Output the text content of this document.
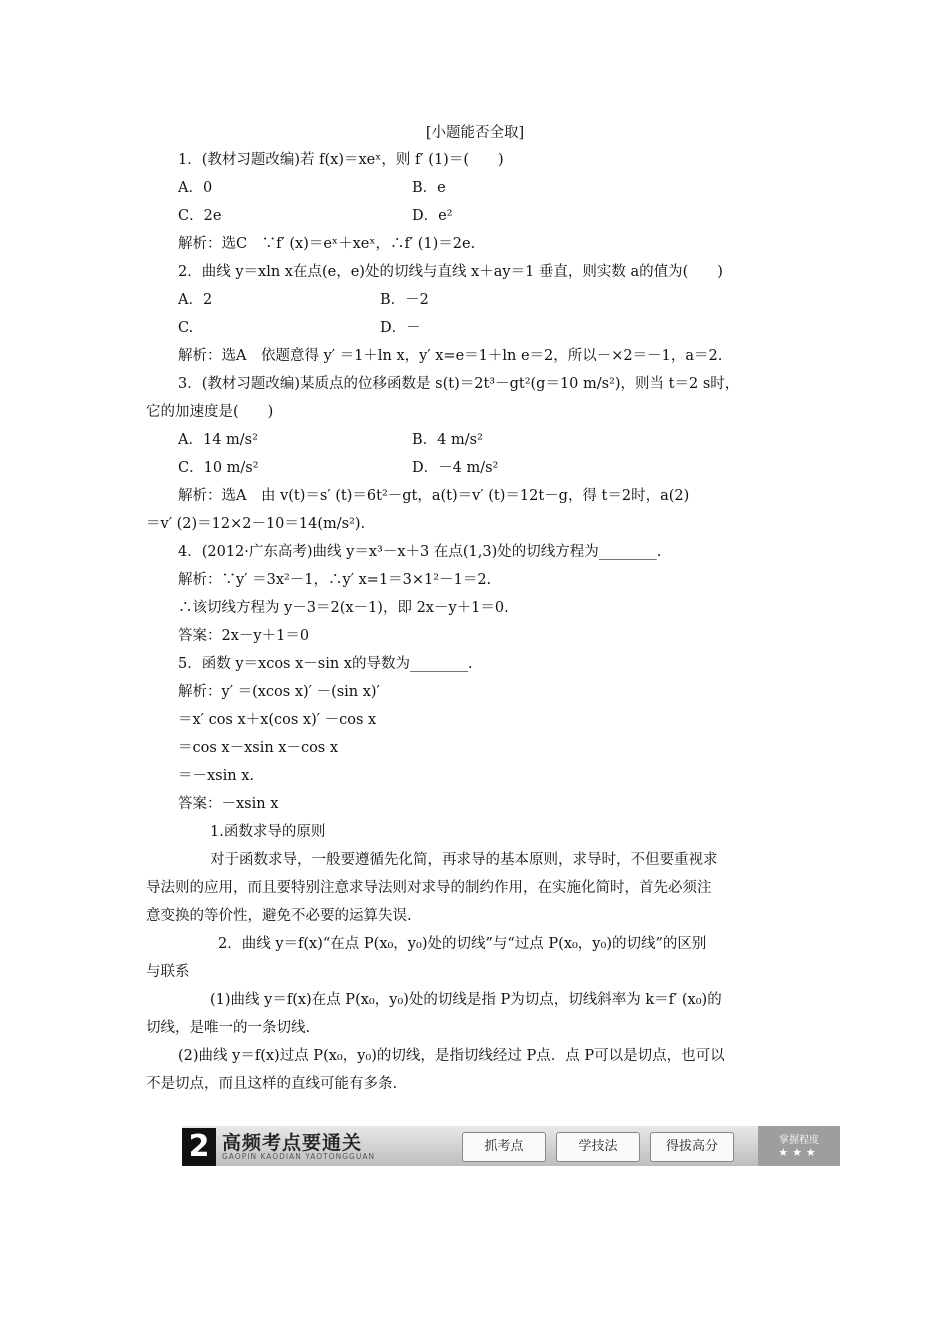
[小题能否全取]
1．(教材习题改编)若 f(x)＝xeˣ，则 f′ (1)＝(　　)
A．0	B．e
C．2e	D．e²
解析：选C　∵f′ (x)＝eˣ＋xeˣ，∴f′ (1)＝2e.
2．曲线 y＝xln x在点(e，e)处的切线与直线 x＋ay＝1 垂直，则实数 a的值为(　　)
A．2	B．－2
C.	D．－
解析：选A　依题意得 y′ ＝1＋ln x，y′ x=e＝1＋ln e＝2，所以－×2＝－1，a＝2.
3．(教材习题改编)某质点的位移函数是 s(t)＝2t³－gt²(g＝10 m/s²)，则当 t＝2 s时，
它的加速度是(　　)
A．14 m/s²	B．4 m/s²
C．10 m/s²	D．－4 m/s²
解析：选A　由 v(t)＝s′ (t)＝6t²－gt，a(t)＝v′ (t)＝12t－g，得 t＝2时，a(2)
＝v′ (2)＝12×2－10＝14(m/s²).
4．(2012·广东高考)曲线 y＝x³－x＋3 在点(1,3)处的切线方程为________.
解析：∵y′ ＝3x²－1，∴y′ x=1＝3×1²－1＝2.
∴该切线方程为 y－3＝2(x－1)，即 2x－y＋1＝0.
答案：2x－y＋1＝0
5．函数 y＝xcos x－sin x的导数为________.
解析：y′ ＝(xcos x)′ －(sin x)′
＝x′ cos x＋x(cos x)′ －cos x
＝cos x－xsin x－cos x
＝－xsin x.
答案：－xsin x
1.函数求导的原则
对于函数求导，一般要遵循先化简，再求导的基本原则，求导时，不但要重视求
导法则的应用，而且要特别注意求导法则对求导的制约作用，在实施化简时，首先必须注
意变换的等价性，避免不必要的运算失误.
2．曲线 y＝f(x)“在点 P(x₀，y₀)处的切线”与“过点 P(x₀，y₀)的切线”的区别
与联系
(1)曲线 y＝f(x)在点 P(x₀，y₀)处的切线是指 P为切点，切线斜率为 k＝f′ (x₀)的
切线，是唯一的一条切线.
(2)曲线 y＝f(x)过点 P(x₀，y₀)的切线，是指切线经过 P点．点 P可以是切点，也可以
不是切点，而且这样的直线可能有多条.
2 高频考点要通关
GAOPIN KAODIAN YAOTONGGUAN
抓考点	学技法	得拔高分	掌握程度
★★★
